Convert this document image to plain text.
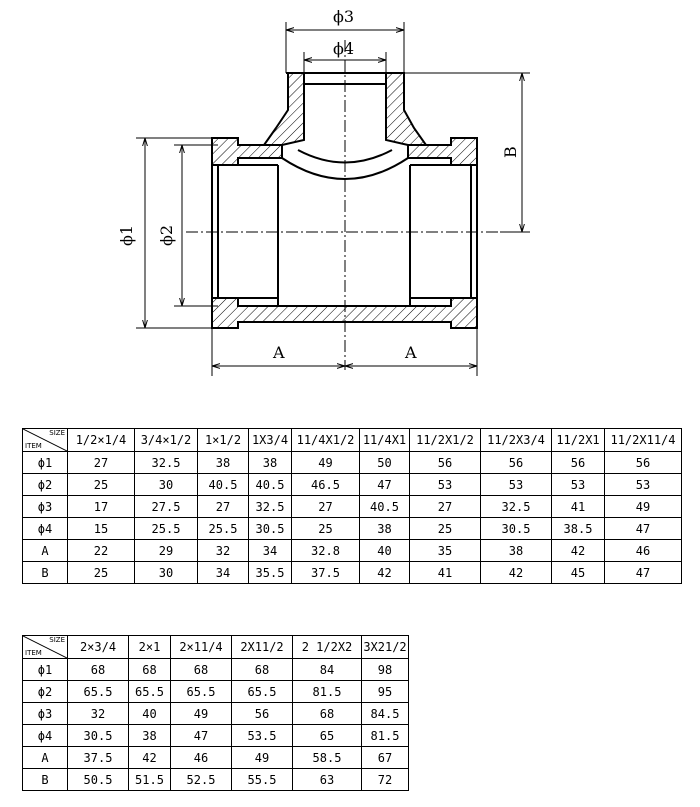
ϕ3
ϕ4
ϕ1 ϕ2
B
A	A
SIZE
ITEM	1/2×1/4	3/4×1/2	1×1/2	1X3/4	11/4X1/2	11/4X1	11/2X1/2	11/2X3/4	11/2X1	11/2X11/4
ϕ1	27	32.5	38	38	49	50	56	56	56	56
ϕ2	25	30	40.5	40.5	46.5	47	53	53	53	53
ϕ3	17	27.5	27	32.5	27	40.5	27	32.5	41	49
ϕ4	15	25.5	25.5	30.5	25	38	25	30.5	38.5	47
A	22	29	32	34	32.8	40	35	38	42	46
B	25	30	34	35.5	37.5	42	41	42	45	47
SIZE
ITEM	2×3/4	2×1	2×11/4	2X11/2	2 1/2X2	3X21/2
ϕ1	68	68	68	68	84	98
ϕ2	65.5	65.5	65.5	65.5	81.5	95
ϕ3	32	40	49	56	68	84.5
ϕ4	30.5	38	47	53.5	65	81.5
A	37.5	42	46	49	58.5	67
B	50.5	51.5	52.5	55.5	63	72
